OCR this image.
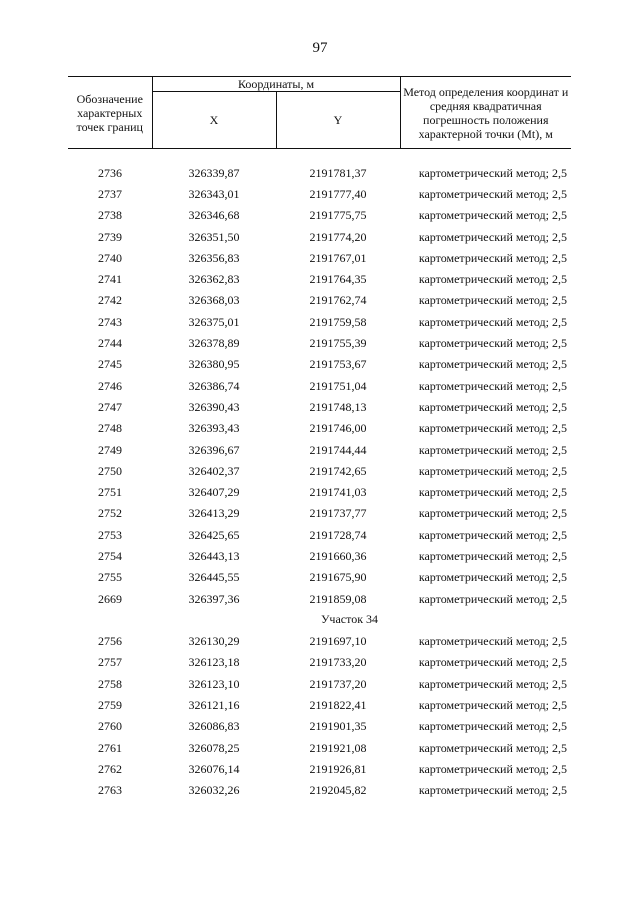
97
Обозначение характерных точек границ	Координаты, м		Метод определения координат и средняя квадратичная погрешность положения характерной точки (Mt), м
	X	Y	

2736	326339,87	2191781,37	картометрический метод; 2,5
2737	326343,01	2191777,40	картометрический метод; 2,5
2738	326346,68	2191775,75	картометрический метод; 2,5
2739	326351,50	2191774,20	картометрический метод; 2,5
2740	326356,83	2191767,01	картометрический метод; 2,5
2741	326362,83	2191764,35	картометрический метод; 2,5
2742	326368,03	2191762,74	картометрический метод; 2,5
2743	326375,01	2191759,58	картометрический метод; 2,5
2744	326378,89	2191755,39	картометрический метод; 2,5
2745	326380,95	2191753,67	картометрический метод; 2,5
2746	326386,74	2191751,04	картометрический метод; 2,5
2747	326390,43	2191748,13	картометрический метод; 2,5
2748	326393,43	2191746,00	картометрический метод; 2,5
2749	326396,67	2191744,44	картометрический метод; 2,5
2750	326402,37	2191742,65	картометрический метод; 2,5
2751	326407,29	2191741,03	картометрический метод; 2,5
2752	326413,29	2191737,77	картометрический метод; 2,5
2753	326425,65	2191728,74	картометрический метод; 2,5
2754	326443,13	2191660,36	картометрический метод; 2,5
2755	326445,55	2191675,90	картометрический метод; 2,5
2669	326397,36	2191859,08	картометрический метод; 2,5
Участок 34			
2756	326130,29	2191697,10	картометрический метод; 2,5
2757	326123,18	2191733,20	картометрический метод; 2,5
2758	326123,10	2191737,20	картометрический метод; 2,5
2759	326121,16	2191822,41	картометрический метод; 2,5
2760	326086,83	2191901,35	картометрический метод; 2,5
2761	326078,25	2191921,08	картометрический метод; 2,5
2762	326076,14	2191926,81	картометрический метод; 2,5
2763	326032,26	2192045,82	картометрический метод; 2,5
